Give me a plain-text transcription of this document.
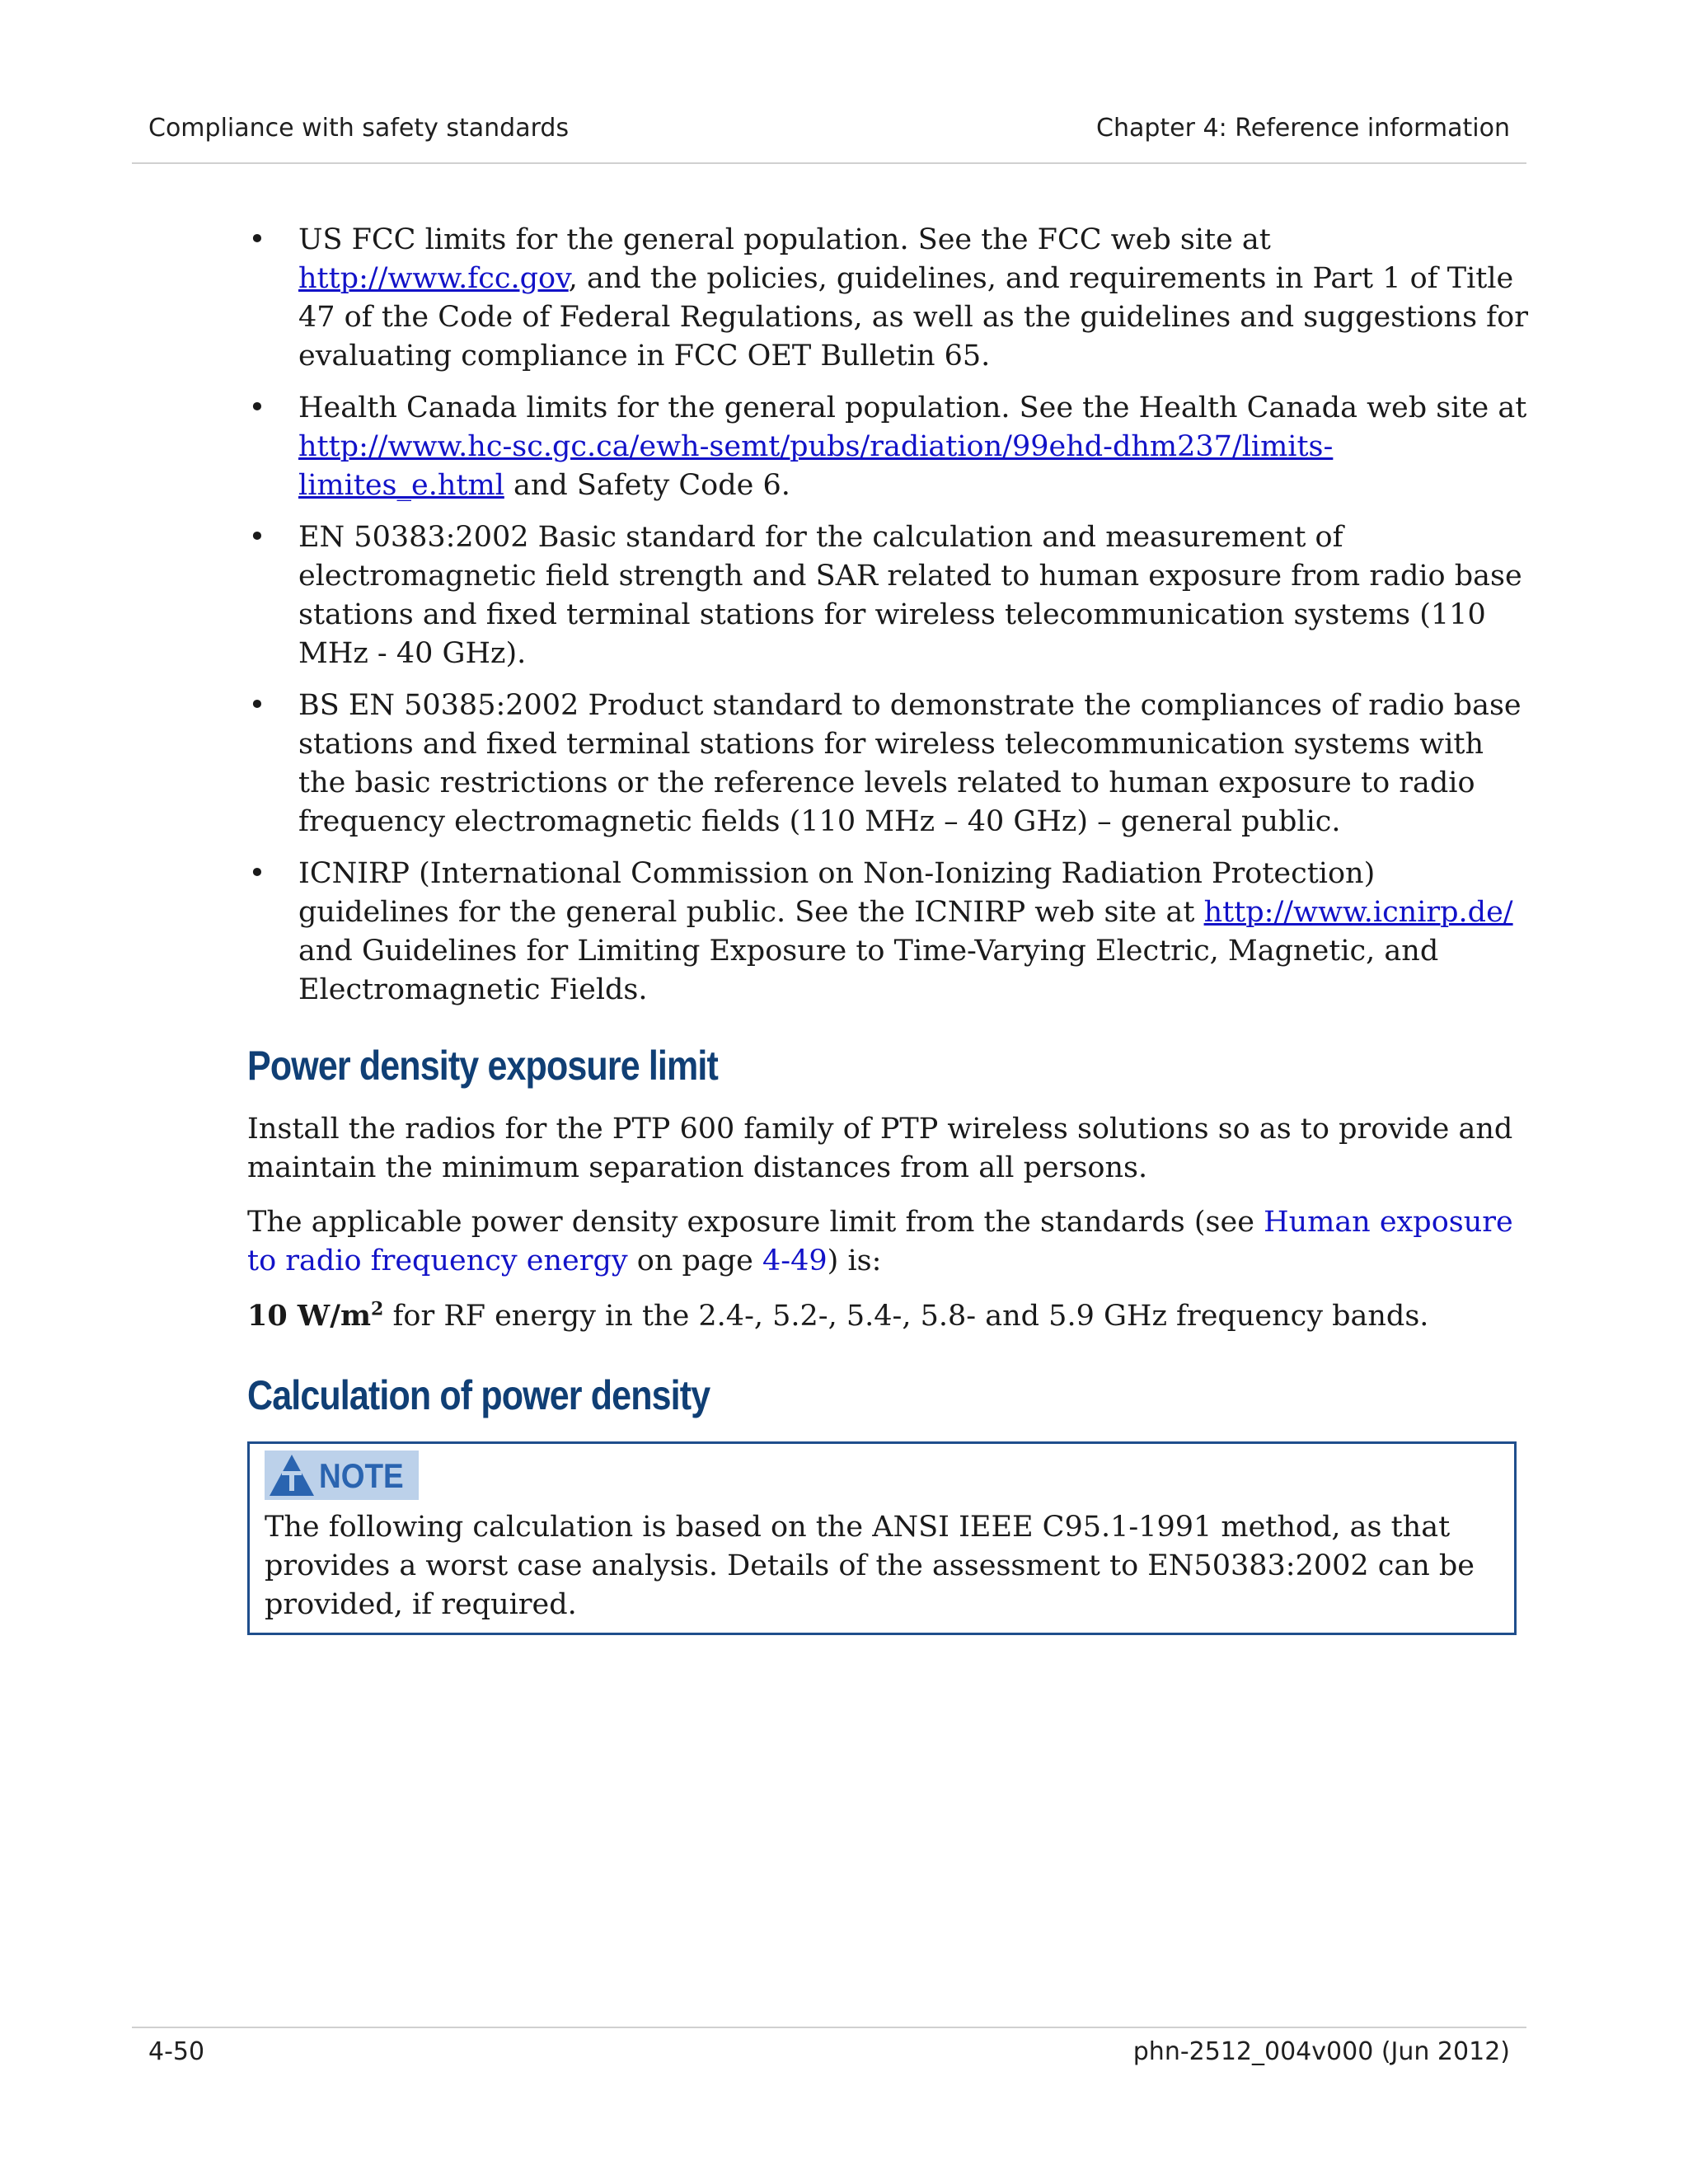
Compliance with safety standards	Chapter 4: Reference information
• US FCC limits for the general population. See the FCC web site at http://www.fcc.gov, and the policies, guidelines, and requirements in Part 1 of Title 47 of the Code of Federal Regulations, as well as the guidelines and suggestions for evaluating compliance in FCC OET Bulletin 65.
• Health Canada limits for the general population. See the Health Canada web site at http://www.hc-sc.gc.ca/ewh-semt/pubs/radiation/99ehd-dhm237/limits-limites_e.html and Safety Code 6.
• EN 50383:2002 Basic standard for the calculation and measurement of electromagnetic field strength and SAR related to human exposure from radio base stations and fixed terminal stations for wireless telecommunication systems (110 MHz - 40 GHz).
• BS EN 50385:2002 Product standard to demonstrate the compliances of radio base stations and fixed terminal stations for wireless telecommunication systems with the basic restrictions or the reference levels related to human exposure to radio frequency electromagnetic fields (110 MHz – 40 GHz) – general public.
• ICNIRP (International Commission on Non-Ionizing Radiation Protection) guidelines for the general public. See the ICNIRP web site at http://www.icnirp.de/ and Guidelines for Limiting Exposure to Time-Varying Electric, Magnetic, and Electromagnetic Fields.
Power density exposure limit

Install the radios for the PTP 600 family of PTP wireless solutions so as to provide and maintain the minimum separation distances from all persons.

The applicable power density exposure limit from the standards (see Human exposure to radio frequency energy on page 4-49) is:

10 $W/m^2$ for RF energy in the 2.4-, 5.2-, 5.4-, 5.8- and 5.9 GHz frequency bands.

Calculation of power density
NOTE

The following calculation is based on the ANSI IEEE C95.1-1991 method, as that provides a worst case analysis. Details of the assessment to EN50383:2002 can be provided, if required.

4-50	phn-2512_004v000 (Jun 2012)
